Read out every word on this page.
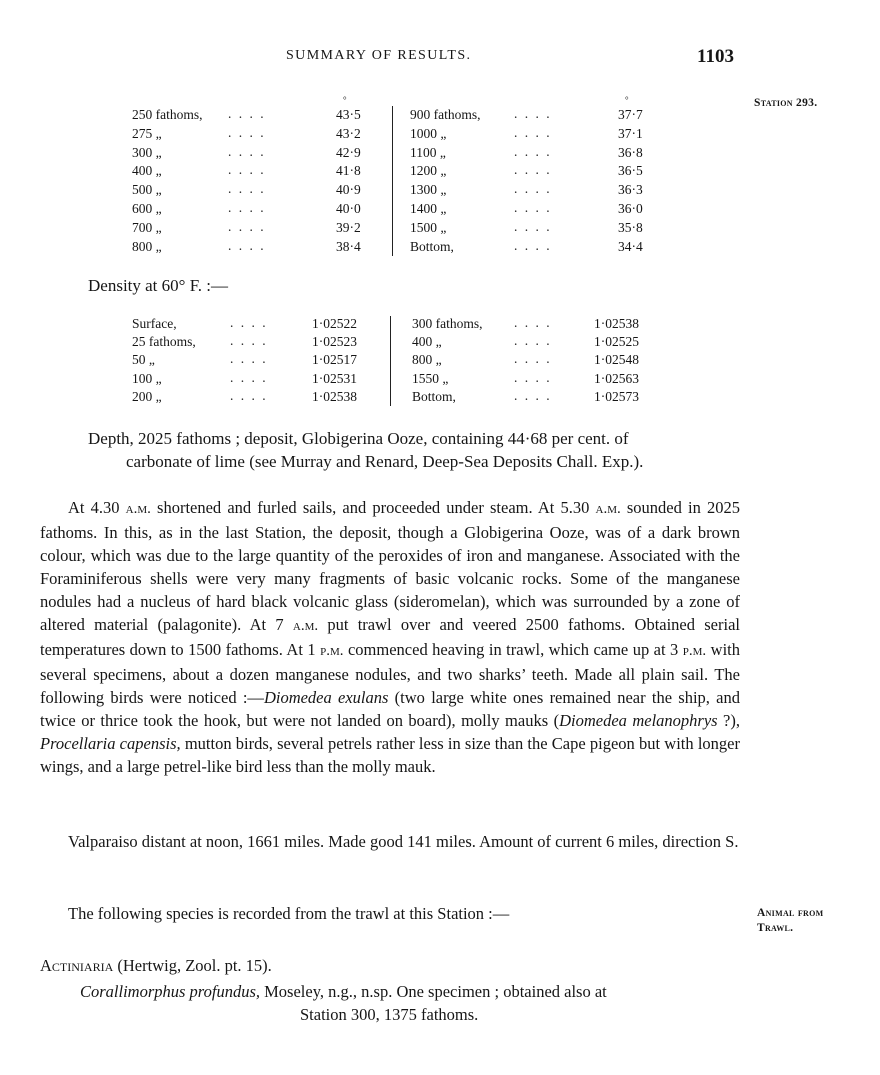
SUMMARY OF RESULTS.	1103
Station 293.
°	°
250 fathoms, . . . .	43·5
275 „	. . . .	43·2
300 „	. . . .	42·9
400 „	. . . .	41·8
500 „	. . . .	40·9
600 „	. . . .	40·0
700 „	. . . .	39·2
800 „	. . . .	38·4
900 fathoms, . . . .	37·7
1000 „	. . . .	37·1
1100 „	. . . .	36·8
1200 „	. . . .	36·5
1300 „	. . . .	36·3
1400 „	. . . .	36·0
1500 „	. . . .	35·8
Bottom,	. . . .	34·4
Density at 60° F. :—
Surface,	. . . .	1·02522
25 fathoms,	. . . .	1·02523
50 „	. . . .	1·02517
100 „	. . . .	1·02531
200 „	. . . .	1·02538
300 fathoms, . . . .	1·02538
400 „	. . . .	1·02525
800 „	. . . .	1·02548
1550 „	. . . .	1·02563
Bottom,	. . . .	1·02573
Depth, 2025 fathoms ; deposit, Globigerina Ooze, containing 44·68 per cent. of
carbonate of lime (see Murray and Renard, Deep-Sea Deposits Chall. Exp.).
At 4.30 a.m. shortened and furled sails, and proceeded under steam. At 5.30 a.m. sounded in 2025 fathoms. In this, as in the last Station, the deposit, though a Globigerina Ooze, was of a dark brown colour, which was due to the large quantity of the peroxides of iron and manganese. Associated with the Foraminiferous shells were very many fragments of basic volcanic rocks. Some of the manganese nodules had a nucleus of hard black volcanic glass (sideromelan), which was surrounded by a zone of altered material (palagonite). At 7 a.m. put trawl over and veered 2500 fathoms. Obtained serial temperatures down to 1500 fathoms. At 1 p.m. commenced heaving in trawl, which came up at 3 p.m. with several specimens, about a dozen manganese nodules, and two sharks’ teeth. Made all plain sail. The following birds were noticed :—Diomedea exulans (two large white ones remained near the ship, and twice or thrice took the hook, but were not landed on board), molly mauks (Diomedea melanophrys ?), Procellaria capensis, mutton birds, several petrels rather less in size than the Cape pigeon but with longer wings, and a large petrel-like bird less than the molly mauk.
Valparaiso distant at noon, 1661 miles. Made good 141 miles. Amount of current 6 miles, direction S.
The following species is recorded from the trawl at this Station :—	Animal from
Trawl.
Actiniaria (Hertwig, Zool. pt. 15).
Corallimorphus profundus, Moseley, n.g., n.sp. One specimen ; obtained also at
Station 300, 1375 fathoms.
